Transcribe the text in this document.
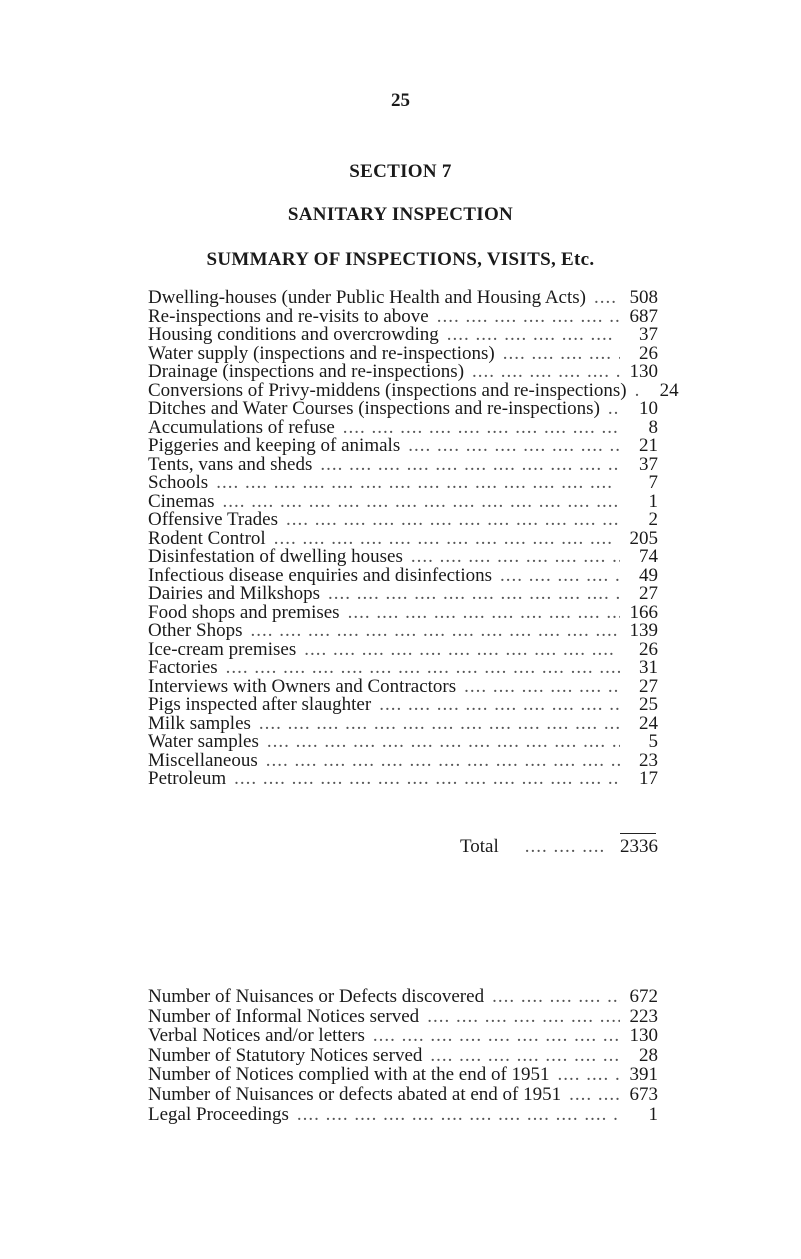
25
SECTION 7
SANITARY INSPECTION
SUMMARY OF INSPECTIONS, VISITS, Etc.
Dwelling-houses (under Public Health and Housing Acts) ....	508
Re-inspections and re-visits to above ....	687
Housing conditions and overcrowding ....	37
Water supply (inspections and re-inspections) ....	26
Drainage (inspections and re-inspections) ....	130
Conversions of Privy-middens (inspections and re-inspections) ....	24
Ditches and Water Courses (inspections and re-inspections) ....	10
Accumulations of refuse ....	8
Piggeries and keeping of animals ....	21
Tents, vans and sheds ....	37
Schools ....	7
Cinemas ....	1
Offensive Trades ....	2
Rodent Control ....	205
Disinfestation of dwelling houses ....	74
Infectious disease enquiries and disinfections ....	49
Dairies and Milkshops ....	27
Food shops and premises ....	166
Other Shops ....	139
Ice-cream premises ....	26
Factories ....	31
Interviews with Owners and Contractors ....	27
Pigs inspected after slaughter ....	25
Milk samples ....	24
Water samples ....	5
Miscellaneous ....	23
Petroleum ....	17
Total ....	2336
Number of Nuisances or Defects discovered ....	672
Number of Informal Notices served ....	223
Verbal Notices and/or letters ....	130
Number of Statutory Notices served ....	28
Number of Notices complied with at the end of 1951 ....	391
Number of Nuisances or defects abated at end of 1951 ....	673
Legal Proceedings ....	1
